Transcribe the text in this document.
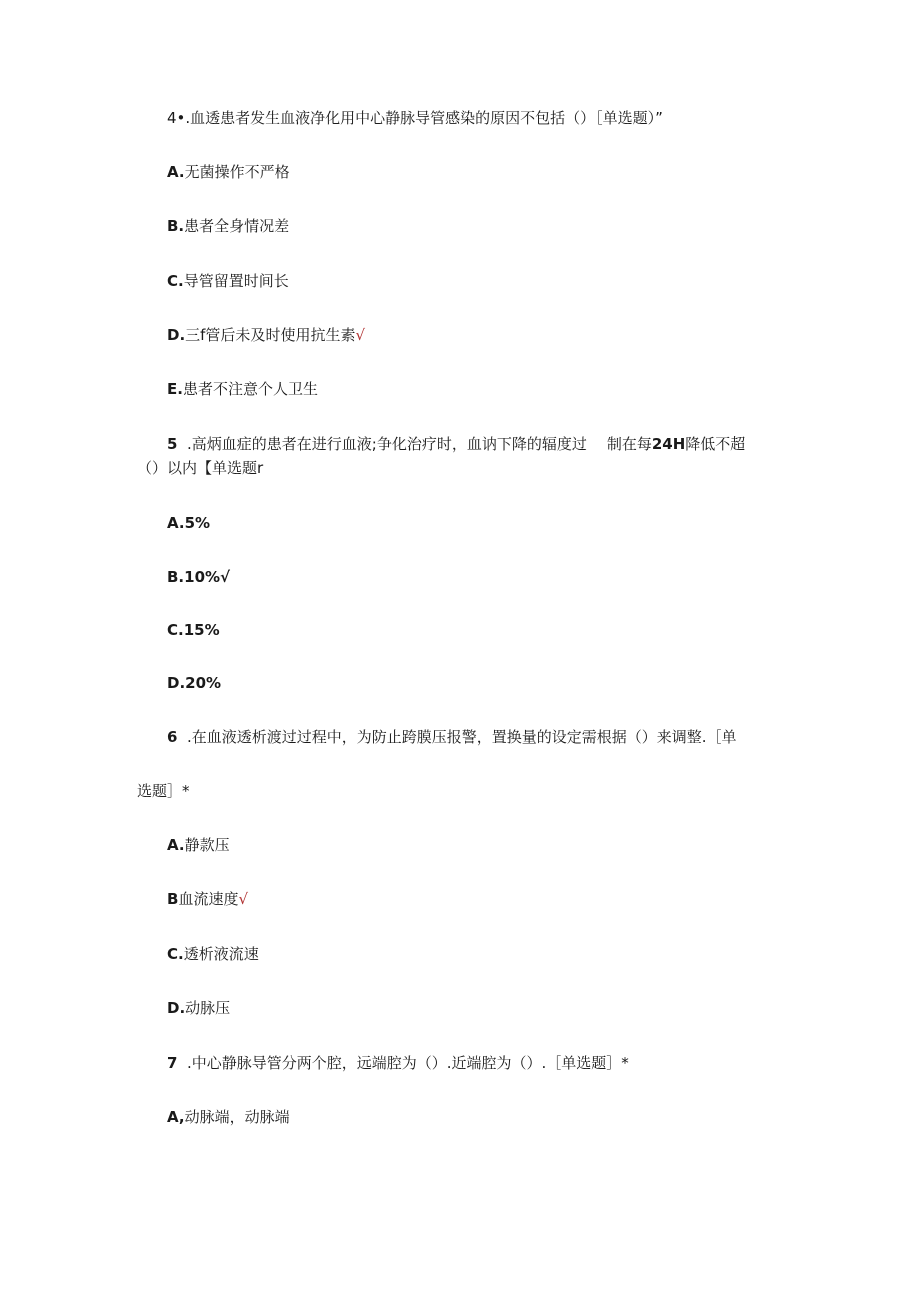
4•.血透患者发生血液净化用中心静脉导管感染的原因不包括（）［单选题）”
A.无菌操作不严格
B.患者全身情况差
C.导管留置时间长
D.三f管后未及时使用抗生素√
E.患者不注意个人卫生
5 .高炳血症的患者在进行血液;争化治疗时，血讷下降的辐度过 制在每24H降低不超
（）以内【单选题r
A.5%
B.10%√
C.15%
D.20%
6 .在血液透析渡过过程中，为防止跨膜压报警，置换量的设定需根据（）来调整.［单
选题］*
A.静款压
B血流速度√
C.透析液流速
D.动脉压
7 .中心静脉导管分两个腔，远端腔为（）.近端腔为（）.［单选题］*
A,动脉端，动脉端
